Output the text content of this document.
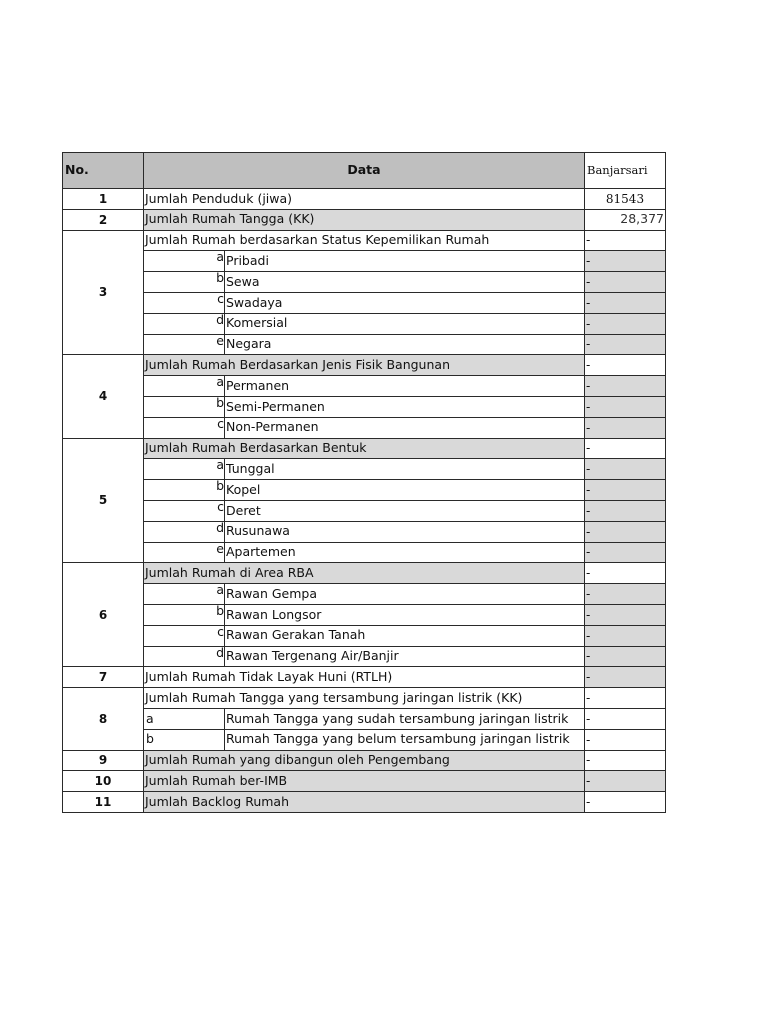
No.	Data		Banjarsari
1	Jumlah Penduduk (jiwa)		81543
2	Jumlah Rumah Tangga (KK)		28,377
3	Jumlah Rumah berdasarkan Status Kepemilikan Rumah		-
	a	Pribadi	-
	b	Sewa	-
	c	Swadaya	-
	d	Komersial	-
	e	Negara	-
4	Jumlah Rumah Berdasarkan Jenis Fisik Bangunan		-
	a	Permanen	-
	b	Semi-Permanen	-
	c	Non-Permanen	-
5	Jumlah Rumah Berdasarkan Bentuk		-
	a	Tunggal	-
	b	Kopel	-
	c	Deret	-
	d	Rusunawa	-
	e	Apartemen	-
6	Jumlah Rumah di Area RBA		-
	a	Rawan Gempa	-
	b	Rawan Longsor	-
	c	Rawan Gerakan Tanah	-
	d	Rawan Tergenang Air/Banjir	-
7	Jumlah Rumah Tidak Layak Huni (RTLH)		-
8	Jumlah Rumah Tangga yang tersambung jaringan listrik (KK)		-
	a	Rumah Tangga yang sudah tersambung jaringan listrik	-
	b	Rumah Tangga yang belum tersambung jaringan listrik	-
9	Jumlah Rumah yang dibangun oleh Pengembang		-
10	Jumlah Rumah ber-IMB		-
11	Jumlah Backlog Rumah		-
